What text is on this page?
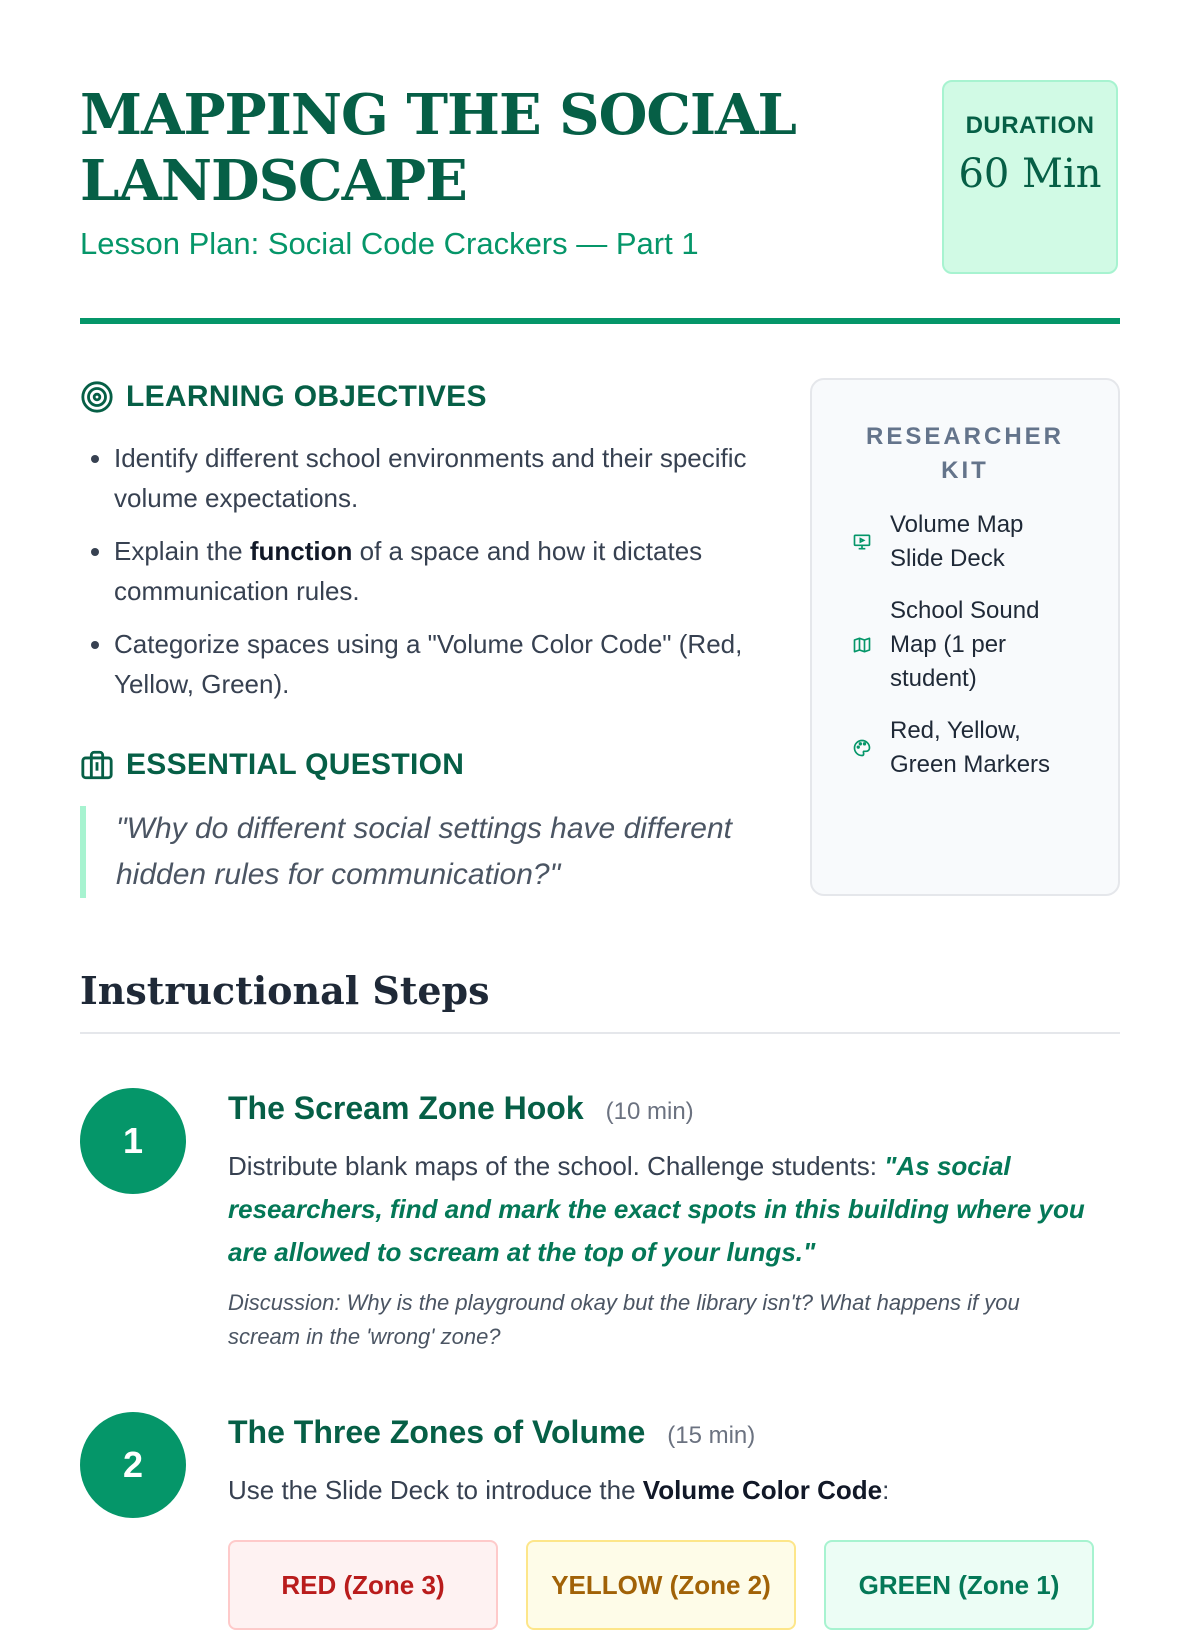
MAPPING THE SOCIAL LANDSCAPE
Lesson Plan: Social Code Crackers — Part 1
DURATION
60 Min
LEARNING OBJECTIVES
• Identify different school environments and their specific volume expectations.
• Explain the function of a space and how it dictates communication rules.
• Categorize spaces using a "Volume Color Code" (Red, Yellow, Green).
ESSENTIAL QUESTION
"Why do different social settings have different hidden rules for communication?"
RESEARCHER KIT
Volume Map Slide Deck
School Sound Map (1 per student)
Red, Yellow, Green Markers
Instructional Steps
1
The Scream Zone Hook (10 min)
Distribute blank maps of the school. Challenge students: "As social researchers, find and mark the exact spots in this building where you are allowed to scream at the top of your lungs."
Discussion: Why is the playground okay but the library isn't? What happens if you scream in the 'wrong' zone?
2
The Three Zones of Volume (15 min)
Use the Slide Deck to introduce the Volume Color Code:
RED (Zone 3)	YELLOW (Zone 2)	GREEN (Zone 1)
